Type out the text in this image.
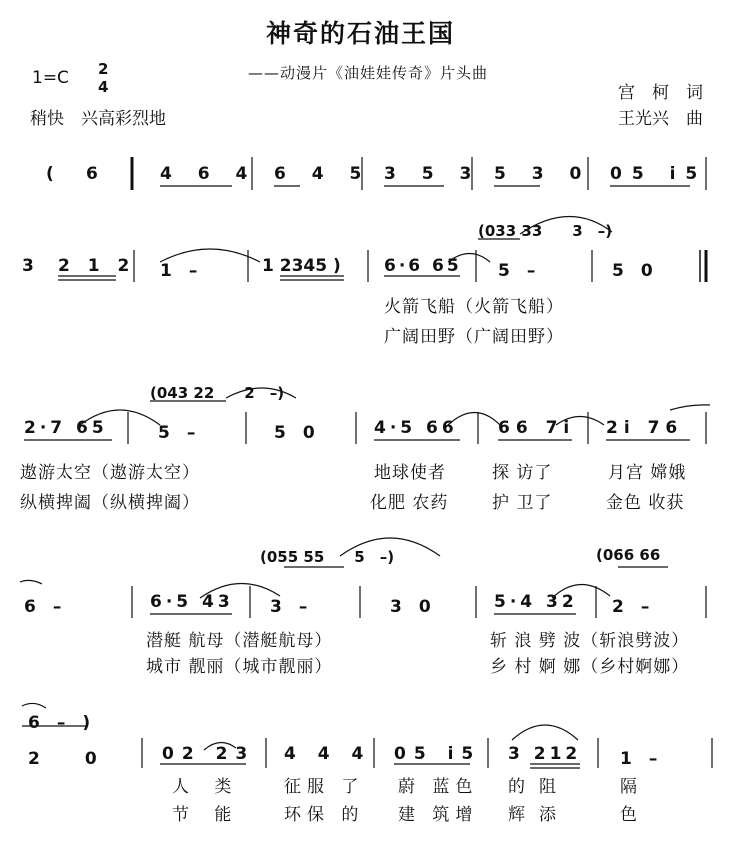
神奇的石油王国
——动漫片《油娃娃传奇》片头曲
1=C 2
4
稍快　兴高彩烈地
宫　柯　词
王光兴　曲
( 6	4 6 4 6 4 5 3 5 3 5 3 0 05 i5
(033 33　　3　–)
3 2 1 2 1　–	1 2345 )	6·6 65 5　–	5　0
火箭飞船（火箭飞船）
广阔田野（广阔田野）
(043 22　　2　–)
2·7 65	5　–	5　0	4·5 66 66 7i 2i 76
遨游太空（遨游太空）	地球使者	探 访了	月宫 嫦娥
纵横捭阖（纵横捭阖）	化肥 农药	护 卫了	金色 收获
(055 55　　5　–)	(066 66
6　–	6·5 43 3　–	3　0	5·4 32 2　–
潜艇 航母（潜艇航母）	斩 浪 劈 波（斩浪劈波）
城市 靓丽（城市靓丽）	乡 村 婀 娜（乡村婀娜）
6　–　)
2　0	02 23 4 4 4 05 i5 3 212 1　–
人 类	征服 了 蔚 蓝色 的阻	隔
节 能	环保 的 建 筑增 辉添	色
